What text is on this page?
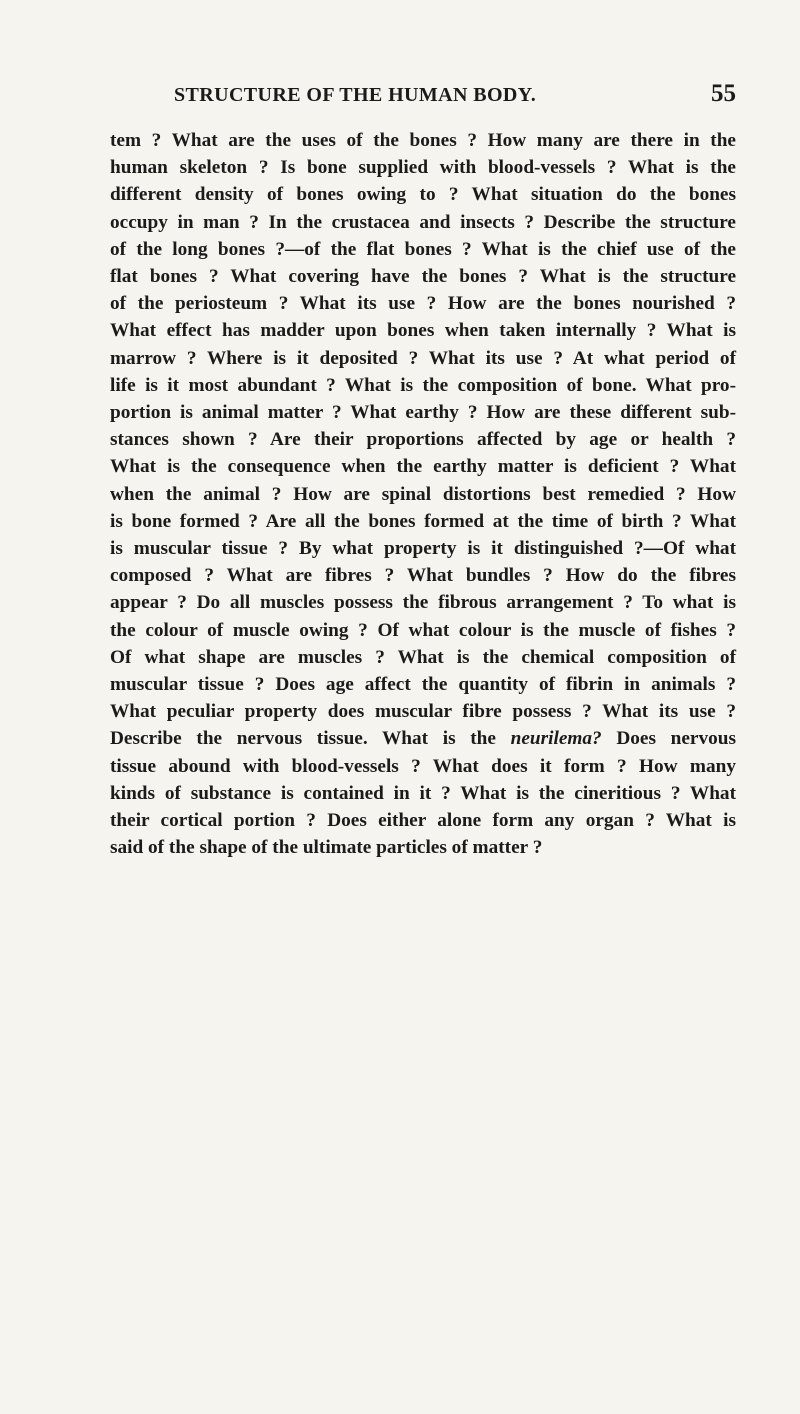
STRUCTURE OF THE HUMAN BODY.	55
tem ? What are the uses of the bones ? How many are there in the
human skeleton ? Is bone supplied with blood-vessels ? What is the
different density of bones owing to ? What situation do the bones
occupy in man ? In the crustacea and insects ? Describe the structure
of the long bones ?—of the flat bones ? What is the chief use of the
flat bones ? What covering have the bones ? What is the structure
of the periosteum ? What its use ? How are the bones nourished ?
What effect has madder upon bones when taken internally ? What is
marrow ? Where is it deposited ? What its use ? At what period of
life is it most abundant ? What is the composition of bone. What pro-
portion is animal matter ? What earthy ? How are these different sub-
stances shown ? Are their proportions affected by age or health ?
What is the consequence when the earthy matter is deficient ? What
when the animal ? How are spinal distortions best remedied ? How
is bone formed ? Are all the bones formed at the time of birth ? What
is muscular tissue ? By what property is it distinguished ?—Of what
composed ? What are fibres ? What bundles ? How do the fibres
appear ? Do all muscles possess the fibrous arrangement ? To what is
the colour of muscle owing ? Of what colour is the muscle of fishes ?
Of what shape are muscles ? What is the chemical composition of
muscular tissue ? Does age affect the quantity of fibrin in animals ?
What peculiar property does muscular fibre possess ? What its use ?
Describe the nervous tissue. What is the neurilema? Does nervous
tissue abound with blood-vessels ? What does it form ? How many
kinds of substance is contained in it ? What is the cineritious ? What
their cortical portion ? Does either alone form any organ ? What is
said of the shape of the ultimate particles of matter ?
